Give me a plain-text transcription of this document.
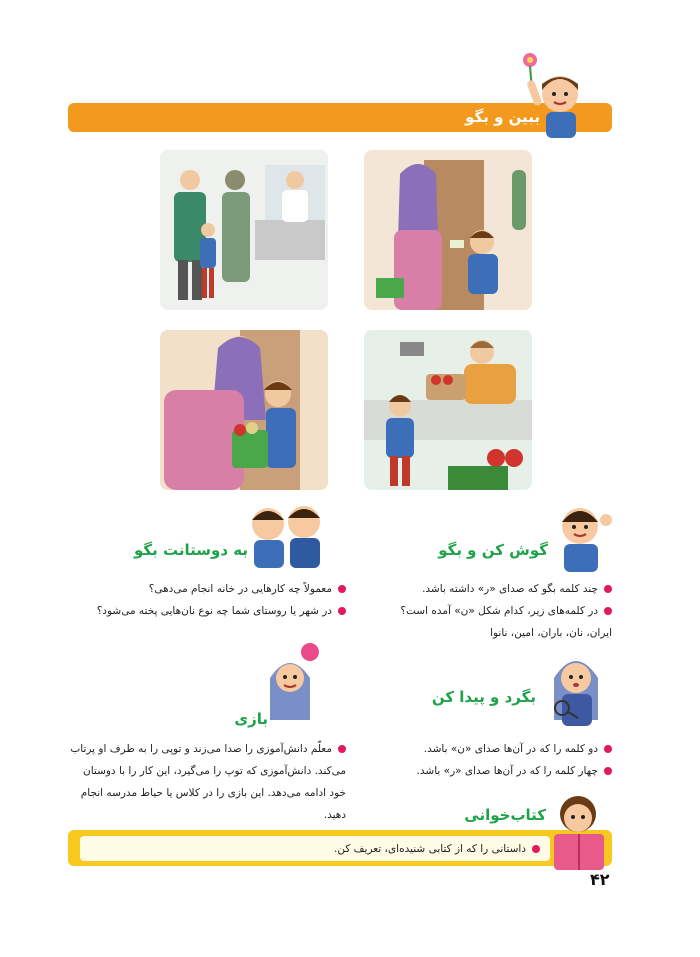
ببین و بگو
گوش کن و بگو
چند کلمه بگو که صدای «ر» داشته باشد.
در کلمه‌های زیر، کدام شکل «ن» آمده است؟
ایران، نان، باران، امین، نانوا
به دوستانت بگو
معمولاً چه کارهایی در خانه انجام می‌دهی؟
در شهر یا روستای شما چه نوع نان‌هایی پخته می‌شود؟
بگرد و پیدا کن
دو کلمه را که در آن‌ها صدای «ن» باشد.
چهار کلمه را که در آن‌ها صدای «ر» باشد.
بازی
معلّم دانش‌آموزی را صدا می‌زند و توپی را به طرف او پرتاب
می‌کند. دانش‌آموزی که توپ را می‌گیرد، این کار را با دوستان
خود ادامه می‌دهد. این بازی را در کلاس یا حیاط مدرسه انجام
دهید.	کتاب‌خوانی
داستانی را که از کتابی شنیده‌ای، تعریف کن.
۴۲
